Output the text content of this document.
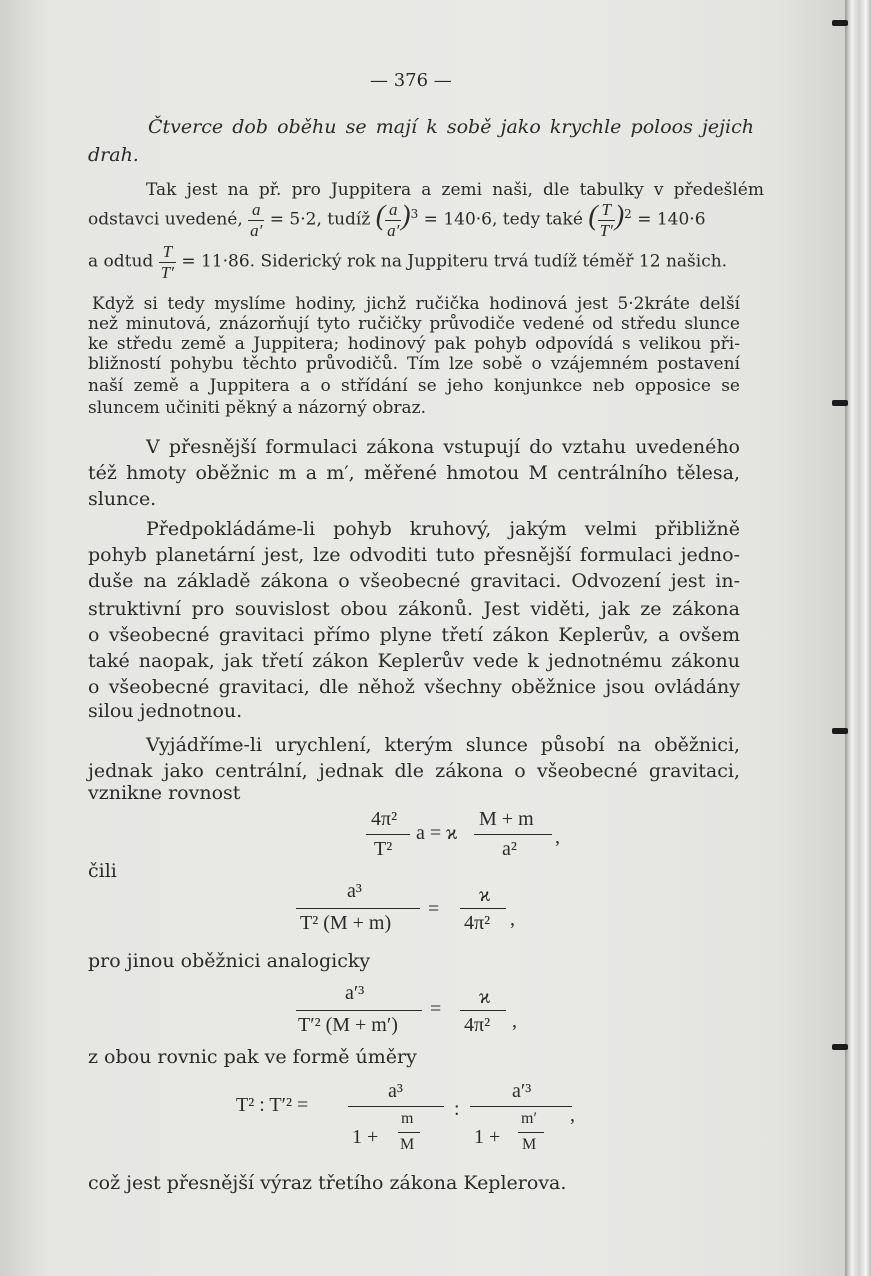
— 376 —

Čtverce dob oběhu se mají k sobě jako krychle poloos jejich

drah.

Tak jest na př. pro Juppitera a zemi naši, dle tabulky v předešlém

odstavci uvedené, $\frac{a}{a'} = 5\cdot 2$, tudíž ( $\frac{a}{a'} )^3 = 140\cdot 6$, tedy také ( $\frac{T}{T'} )^2 = 140\cdot 6$
a odtud $\frac{T}{T'} = 11\cdot 86$. Siderický rok na Juppiteru trvá tudíž téměř 12 našich.

Když si tedy myslíme hodiny, jichž ručička hodinová jest 5·2kráte delší

než minutová, znázorňují tyto ručičky průvodiče vedené od středu slunce

ke středu země a Juppitera; hodinový pak pohyb odpovídá s velikou při-

bližností pohybu těchto průvodičů. Tím lze sobě o vzájemném postavení

naší země a Juppitera a o střídání se jeho konjunkce neb opposice se

sluncem učiniti pěkný a názorný obraz.

V přesnější formulaci zákona vstupují do vztahu uvedeného

též hmoty oběžnic m a m′, měřené hmotou M centrálního tělesa,

slunce.

Předpokládáme-li pohyb kruhový, jakým velmi přibližně

pohyb planetární jest, lze odvoditi tuto přesnější formulaci jedno-

duše na základě zákona o všeobecné gravitaci. Odvození jest in-

struktivní pro souvislost obou zákonů. Jest viděti, jak ze zákona

o všeobecné gravitaci přímo plyne třetí zákon Keplerův, a ovšem

také naopak, jak třetí zákon Keplerův vede k jednotnému zákonu

o všeobecné gravitaci, dle něhož všechny oběžnice jsou ovládány

silou jednotnou.

Vyjádříme-li urychlení, kterým slunce působí na oběžnici,

jednak jako centrální, jednak dle zákona o všeobecné gravitaci,

vznikne rovnost

4π²
T²
a = ϰ
M + m
a²
,

čili

a³
T² (M + m)
=
ϰ
4π² ,

pro jinou oběžnici analogicky

a′³
T′² (M + m′)
=
ϰ
4π² ,

z obou rovnic pak ve formě úměry

T² : T′² =
a³
1 +
m
M
:
a′³
1 +
m′
M
,

což jest přesnější výraz třetího zákona Keplerova.
